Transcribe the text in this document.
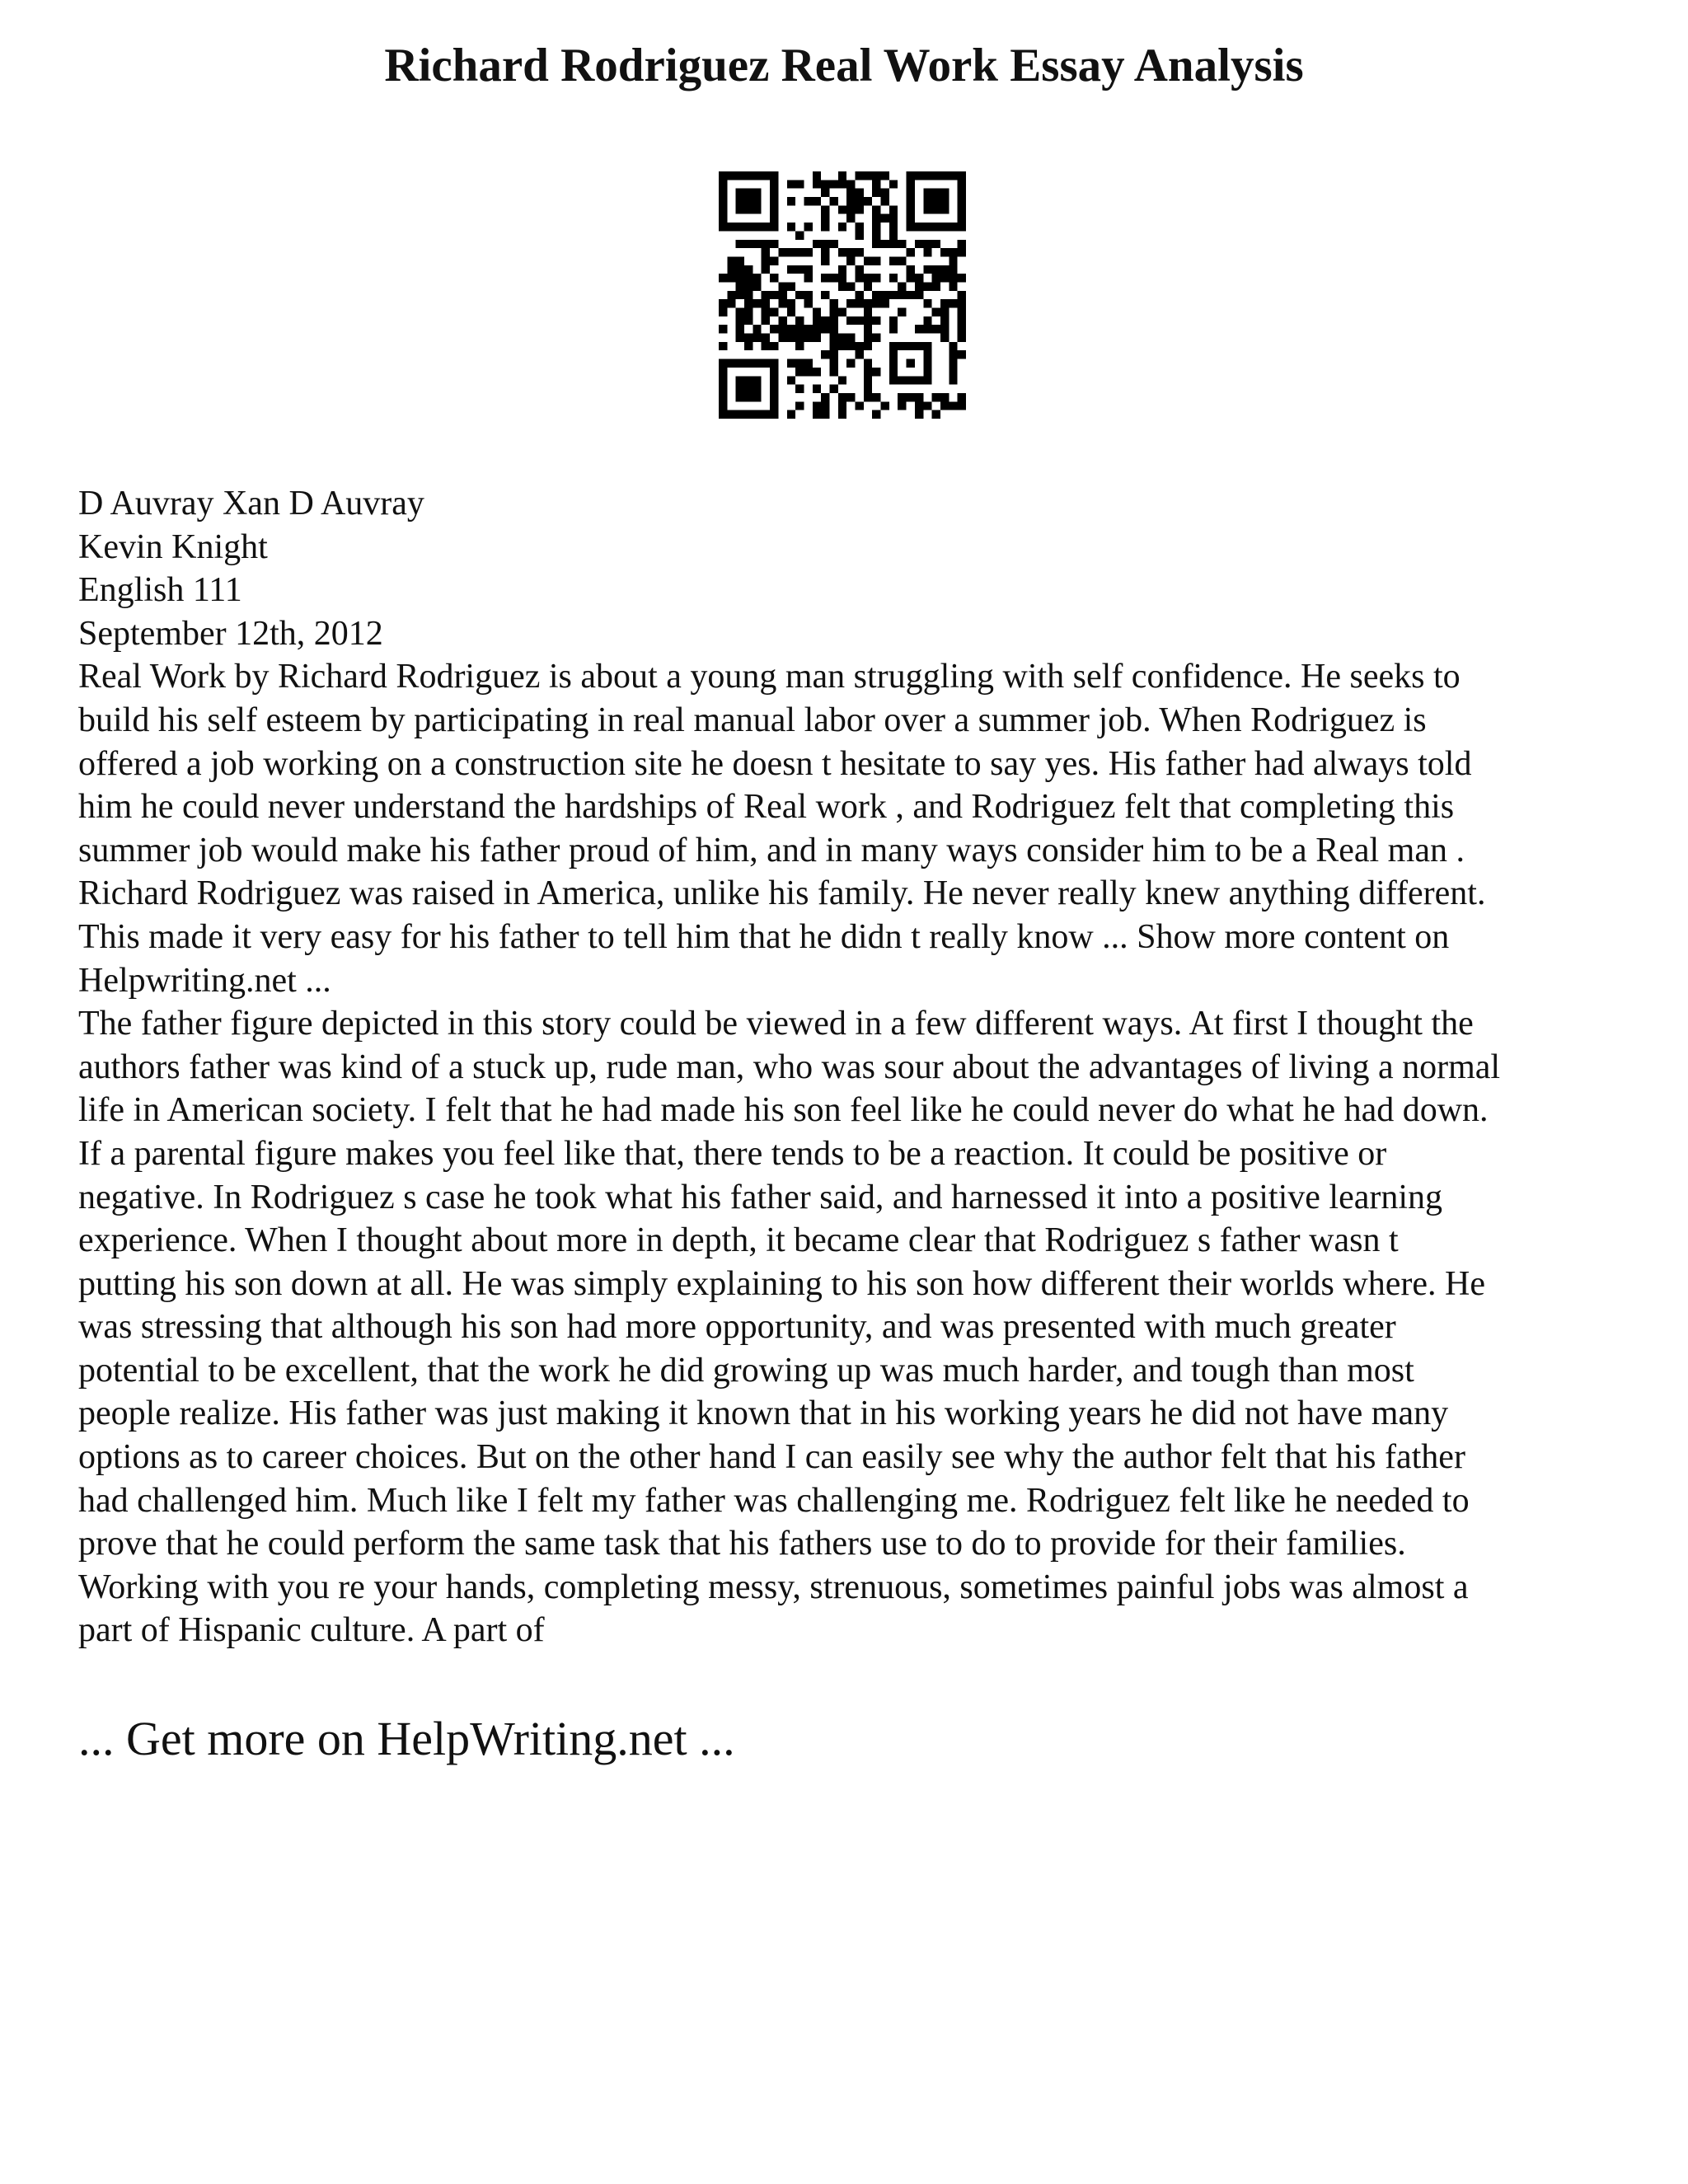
Richard Rodriguez Real Work Essay Analysis
D Auvray Xan D Auvray
Kevin Knight
English 111
September 12th, 2012
Real Work by Richard Rodriguez is about a young man struggling with self confidence. He seeks to
build his self esteem by participating in real manual labor over a summer job. When Rodriguez is
offered a job working on a construction site he doesn t hesitate to say yes. His father had always told
him he could never understand the hardships of Real work , and Rodriguez felt that completing this
summer job would make his father proud of him, and in many ways consider him to be a Real man .
Richard Rodriguez was raised in America, unlike his family. He never really knew anything different.
This made it very easy for his father to tell him that he didn t really know ... Show more content on
Helpwriting.net ...
The father figure depicted in this story could be viewed in a few different ways. At first I thought the
authors father was kind of a stuck up, rude man, who was sour about the advantages of living a normal
life in American society. I felt that he had made his son feel like he could never do what he had down.
If a parental figure makes you feel like that, there tends to be a reaction. It could be positive or
negative. In Rodriguez s case he took what his father said, and harnessed it into a positive learning
experience. When I thought about more in depth, it became clear that Rodriguez s father wasn t
putting his son down at all. He was simply explaining to his son how different their worlds where. He
was stressing that although his son had more opportunity, and was presented with much greater
potential to be excellent, that the work he did growing up was much harder, and tough than most
people realize. His father was just making it known that in his working years he did not have many
options as to career choices. But on the other hand I can easily see why the author felt that his father
had challenged him. Much like I felt my father was challenging me. Rodriguez felt like he needed to
prove that he could perform the same task that his fathers use to do to provide for their families.
Working with you re your hands, completing messy, strenuous, sometimes painful jobs was almost a
part of Hispanic culture. A part of
... Get more on HelpWriting.net ...
